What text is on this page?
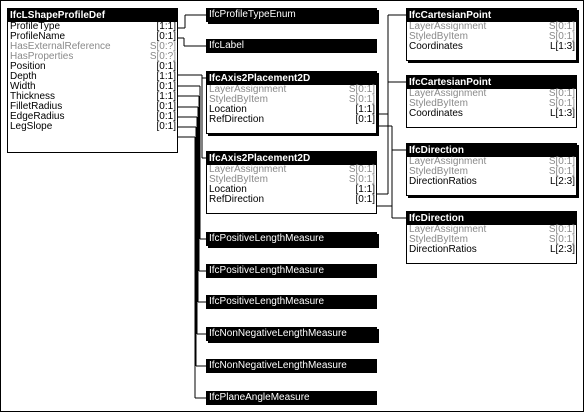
IfcLShapeProfileDef
ProfileType	[1:1]
ProfileName	[0:1]
HasExternalReference	S[0:?]
HasProperties	S[0:?]
Position	[0:1]
Depth	[1:1]
Width	[0:1]
Thickness	[1:1]
FilletRadius	[0:1]
EdgeRadius	[0:1]
LegSlope	[0:1]
IfcProfileTypeEnum
IfcLabel
IfcPositiveLengthMeasure
IfcPositiveLengthMeasure
IfcPositiveLengthMeasure
IfcNonNegativeLengthMeasure
IfcNonNegativeLengthMeasure
IfcPlaneAngleMeasure
IfcAxis2Placement2D
LayerAssignment	S[0:1]
StyledByItem	S[0:1]
Location	[1:1]
RefDirection	[0:1]
IfcAxis2Placement2D
LayerAssignment	S[0:1]
StyledByItem	S[0:1]
Location	[1:1]
RefDirection	[0:1]
IfcCartesianPoint
LayerAssignment	S[0:1]
StyledByItem	S[0:1]
Coordinates	L[1:3]
IfcCartesianPoint
LayerAssignment	S[0:1]
StyledByItem	S[0:1]
Coordinates	L[1:3]
IfcDirection
LayerAssignment	S[0:1]
StyledByItem	S[0:1]
DirectionRatios	L[2:3]
IfcDirection
LayerAssignment	S[0:1]
StyledByItem	S[0:1]
DirectionRatios	L[2:3]
